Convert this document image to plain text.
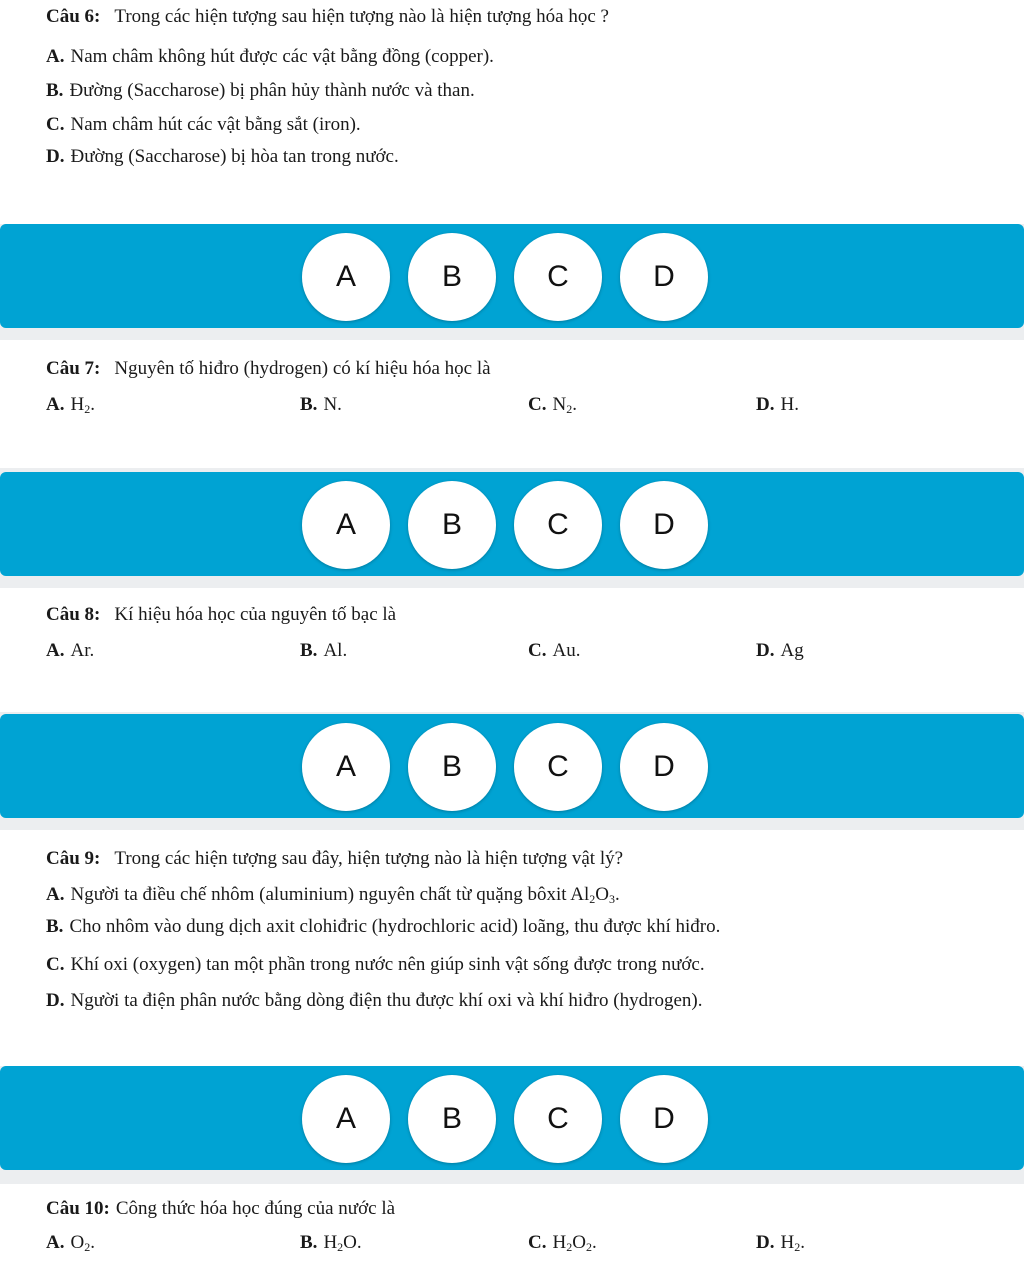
Câu 6: Trong các hiện tượng sau hiện tượng nào là hiện tượng hóa học ?
A. Nam châm không hút được các vật bằng đồng (copper).
B. Đường (Saccharose) bị phân hủy thành nước và than.
C. Nam châm hút các vật bằng sắt (iron).
D. Đường (Saccharose) bị hòa tan trong nước.
A	B	C	D
Câu 7: Nguyên tố hiđro (hydrogen) có kí hiệu hóa học là
A. $H_2$.	B. N.	C. $N_2$.	D. H.
A	B	C	D
Câu 8: Kí hiệu hóa học của nguyên tố bạc là
A. Ar.	B. Al.	C. Au.	D. Ag
A	B	C	D
Câu 9: Trong các hiện tượng sau đây, hiện tượng nào là hiện tượng vật lý?
A. Người ta điều chế nhôm (aluminium) nguyên chất từ quặng bôxit $Al_2O_3$.
B. Cho nhôm vào dung dịch axit clohiđric (hydrochloric acid) loãng, thu được khí hiđro.
C. Khí oxi (oxygen) tan một phần trong nước nên giúp sinh vật sống được trong nước.
D. Người ta điện phân nước bằng dòng điện thu được khí oxi và khí hiđro (hydrogen).
A	B	C	D
Câu 10: Công thức hóa học đúng của nước là
A. $O_2$.	B. $H_2O$.	C. $H_2O_2$.	D. $H_2$.
